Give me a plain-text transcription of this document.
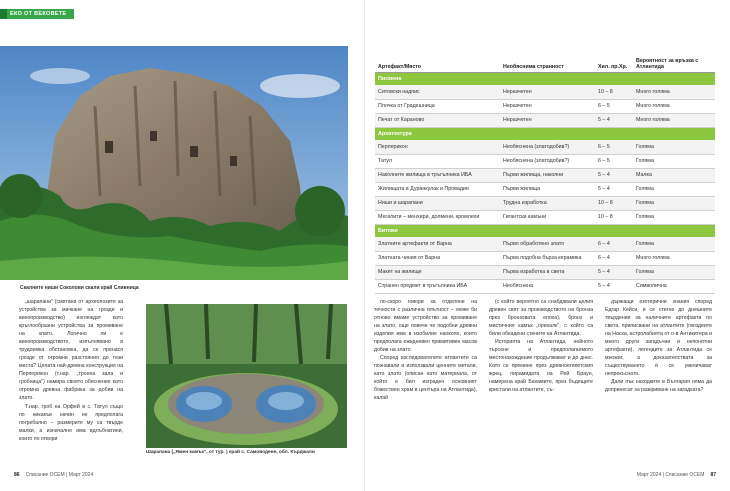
ЕКО ОТ ВЕКОВЕТЕ
Скалните ниши Соколови скали край Сливница

„шарапани" (смятани от археолозите за устройства за мачкане на грозде и винопроизводство) изглеждат като кръглообразни устройства за промиване на злато. Логично ли е винопроизводството, изпълнявано в трудоемка обстановка, да се пренася грозде от огромни разстояния до тези места? Цялата най-древна конструкция на Перперикон (т.нар. „тронна зала и гробница") намира своето обяснение като огромна древна фабрика за добив на злато.

Т.нар. гроб на Орфей в с. Татул също по никакъв начин не предполага погребално – размерите му са твърде малки, а изначално има вдлъбнатини, които по отвори

Шарапана („Ямен камък", от тур. ) край с. Самоводене, обл. Кърджали
86 Списание ОСЕМ | Март 2024
Артефакт/Място	Необяснима странност	Хил. пр.Хр.	Вероятност за връзка с Атлантида
Писмена			
Ситовски надпис	Неразчетен	10 – 8	Много голяма
Плочка от Градешница	Неразчетен	6 – 5	Много голяма
Печат от Караново	Неразчетен	5 – 4	Много голяма
Архитектура			
Перперикон	Необяснена (златодобив?)	6 – 5	Голяма
Татул	Необяснена (златодобив?)	6 – 5	Голяма
Наколните жилища в тръгълника ИБА	Първи жилища, наколни	5 – 4	Малка
Жилищата в Дуранкулак и Провадия	Първи жилища	5 – 4	Голяма
Ниши и шарапани	Трудна изработка	10 – 8	Голяма
Мегалити – менхири, долмени, кромлехи	Гигантски камъни	10 – 8	Голяма
Битови			
Златните артефакти от Варна	Първо обработено злато	6 – 4	Голяма
Златната чиния от Варна	Първа подобна бърза керамика	6 – 4	Много голяма
Макет на жилище	Първа изработка в света	5 – 4	Голяма
Странен предмет в тръгълника ИБА	Необяснена	5 – 4	Символична

по-скоро говори за отделяне на течности с различна плътност – може би отново имаме устройство за промиване на злато, още повече че подобни древни изделия има в изобилие наоколо, които предполага ежедневен примитивен масов добив на злато.

Според изследователите атлантите са познавали и използвали ценните метали, като злато (описан като материала, от който е бил изграден основният божествен храм в центъра на Атлантида), калай

(с който вероятно са снабдявали целия древен свят за производството на бронза през бронзовата епоха), бронз и мистичния камък „орихалк", с който са били обкадени стените на Атлантида.

Историята на Атлантида, нейното търсене и предполагаемото местонахождение продължават и до днес. Като се премине през древноегипетския жрец, пирамидата на Рей Браун, намерена край Бахамите, през бъдещите кристали на атлантите, съ-

държащи езотерични знания според Едгар Кейси, и се стигне до днешните твърдения за наличните артефакти по света, приписвани на атлантите (гвоздеите на Наска, астролабията от о-в Антикитера и много други загадъчни и непонятни артефакти), легендите за Атлантида се множат, а доказателствата за съществуването ѝ се увеличават непрекъснато.

Дали пък находките в България няма да допринесат за разкриване на загадката?

Март 2024 | Списание ОСЕМ 87
